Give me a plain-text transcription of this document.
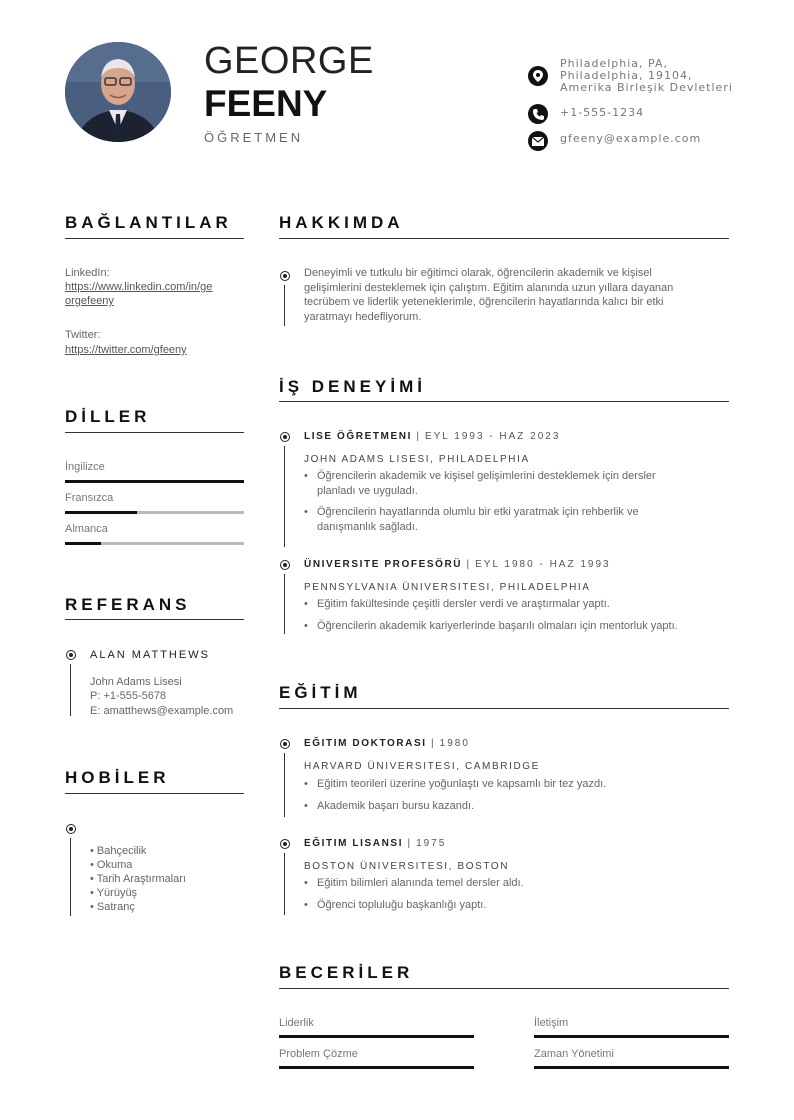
GEORGE
FEENY
ÖĞRETMEN
Philadelphia, PA,
Philadelphia, 19104,
Amerika Birleşik Devletleri
+1-555-1234
gfeeny@example.com
BAĞLANTILAR
LinkedIn:
https://www.linkedin.com/in/ge
orgefeeny
Twitter:
https://twitter.com/gfeeny
DİLLER
İngilizce
Fransızca
Almanca
REFERANS
ALAN MATTHEWS
John Adams Lisesi
P: +1-555-5678
E: amatthews@example.com
HOBİLER
• Bahçecilik
• Okuma
• Tarih Araştırmaları
• Yürüyüş
• Satranç
HAKKIMDA
Deneyimli ve tutkulu bir eğitimci olarak, öğrencilerin akademik ve kişisel
gelişimlerini desteklemek için çalıştım. Eğitim alanında uzun yıllara dayanan
tecrübem ve liderlik yeteneklerimle, öğrencilerin hayatlarında kalıcı bir etki
yaratmayı hedefliyorum.
İŞ DENEYİMİ
LISE ÖĞRETMENI | EYL 1993 - HAZ 2023
JOHN ADAMS LISESI, PHILADELPHIA
• Öğrencilerin akademik ve kişisel gelişimlerini desteklemek için dersler
planladı ve uyguladı.
• Öğrencilerin hayatlarında olumlu bir etki yaratmak için rehberlik ve
danışmanlık sağladı.
ÜNIVERSITE PROFESÖRÜ | EYL 1980 - HAZ 1993
PENNSYLVANIA ÜNIVERSITESI, PHILADELPHIA
• Eğitim fakültesinde çeşitli dersler verdi ve araştırmalar yaptı.
• Öğrencilerin akademik kariyerlerinde başarılı olmaları için mentorluk yaptı.
EĞİTİM
EĞITIM DOKTORASI | 1980
HARVARD ÜNIVERSITESI, CAMBRIDGE
• Eğitim teorileri üzerine yoğunlaştı ve kapsamlı bir tez yazdı.
• Akademik başarı bursu kazandı.
EĞITIM LISANSI | 1975
BOSTON ÜNIVERSITESI, BOSTON
• Eğitim bilimleri alanında temel dersler aldı.
• Öğrenci topluluğu başkanlığı yaptı.
BECERİLER
Liderlik	İletişim
Problem Çözme	Zaman Yönetimi
